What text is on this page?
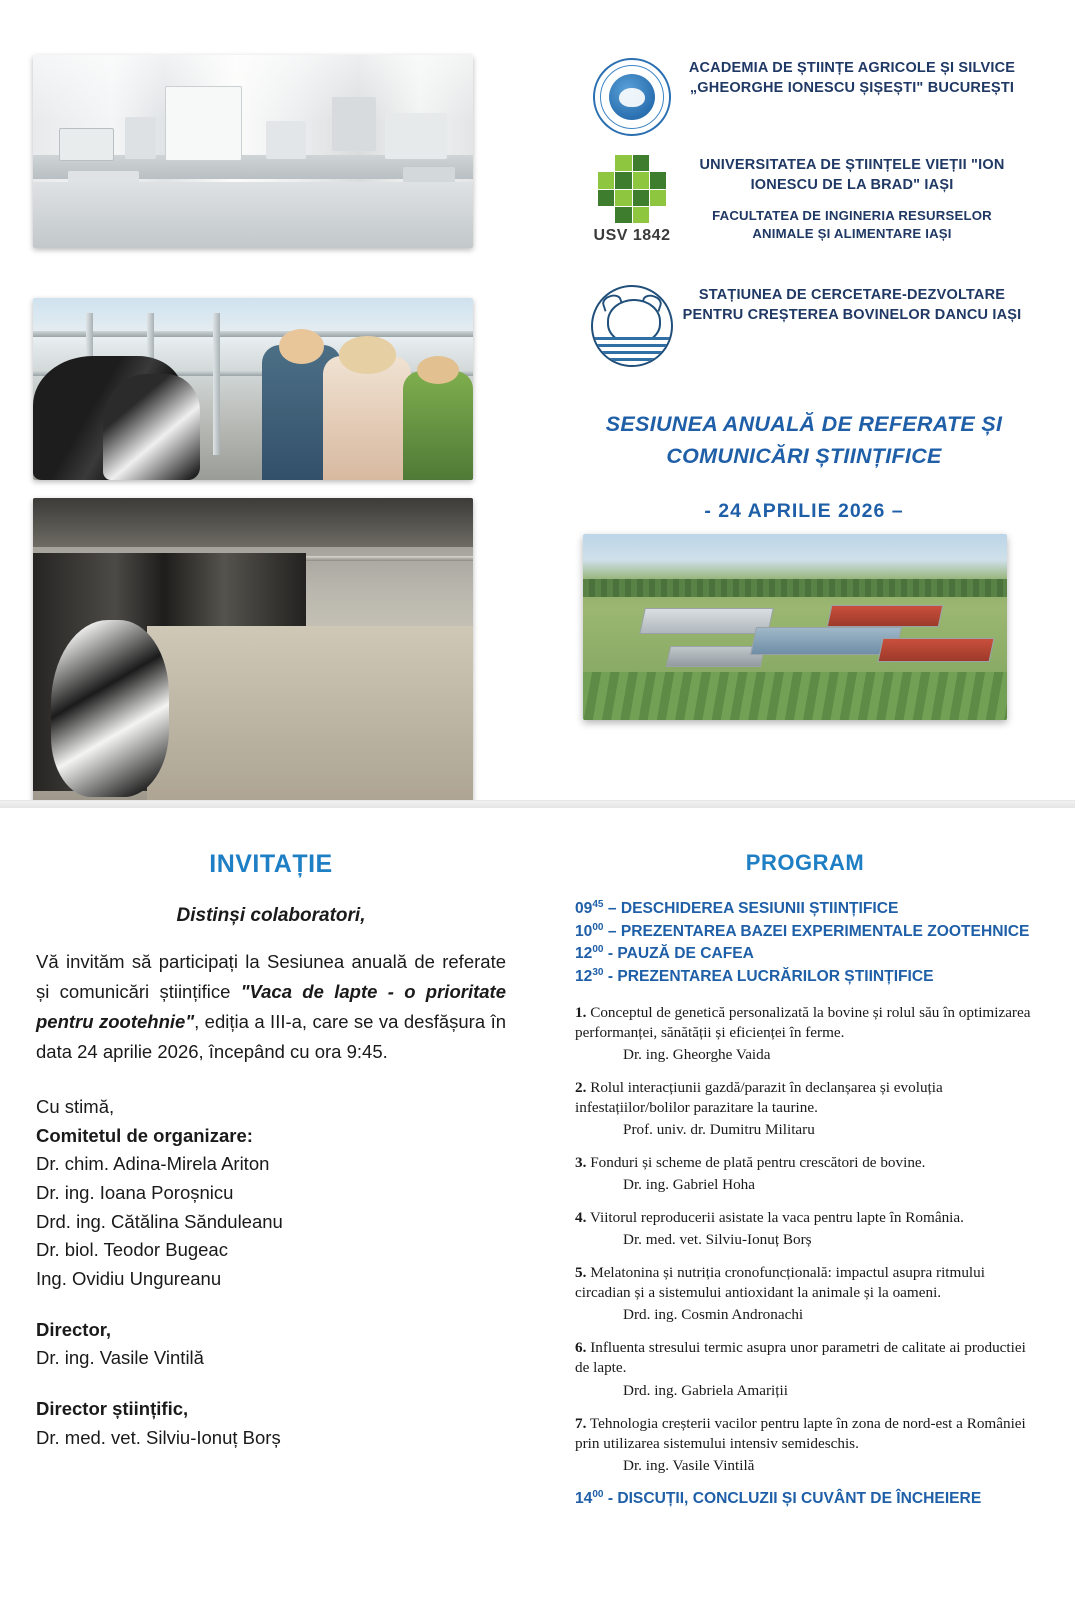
ACADEMIA DE ȘTIINȚE AGRICOLE ȘI SILVICE „GHEORGHE IONESCU ȘIȘEȘTI" BUCUREȘTI
USV 1842
UNIVERSITATEA DE ȘTIINȚELE VIEȚII "ION IONESCU DE LA BRAD" IAȘI
FACULTATEA DE INGINERIA RESURSELOR ANIMALE ȘI ALIMENTARE IAȘI
STAȚIUNEA DE CERCETARE-DEZVOLTARE PENTRU CREȘTEREA BOVINELOR DANCU IAȘI
SESIUNEA ANUALĂ DE REFERATE ȘI COMUNICĂRI ȘTIINȚIFICE
- 24 APRILIE 2026 –
INVITAȚIE
Distinși colaboratori,
Vă invităm să participați la Sesiunea anuală de referate și comunicări științifice "Vaca de lapte - o prioritate pentru zootehnie", ediția a III-a, care se va desfășura în data 24 aprilie 2026, începând cu ora 9:45.
Cu stimă,
Comitetul de organizare:
Dr. chim. Adina-Mirela Ariton
Dr. ing. Ioana Poroșnicu
Drd. ing. Cătălina Sănduleanu
Dr. biol. Teodor Bugeac
Ing. Ovidiu Ungureanu
Director,
Dr. ing. Vasile Vintilă
Director științific,
Dr. med. vet. Silviu-Ionuț Borș
PROGRAM
$09^{45}$ – DESCHIDEREA SESIUNII ȘTIINȚIFICE
$10^{00}$ – PREZENTAREA BAZEI EXPERIMENTALE ZOOTEHNICE
$12^{00}$ - PAUZĂ DE CAFEA
$12^{30}$ - PREZENTAREA LUCRĂRILOR ȘTIINȚIFICE
1. Conceptul de genetică personalizată la bovine și rolul său în optimizarea performanței, sănătății și eficienței în ferme.
Dr. ing. Gheorghe Vaida
2. Rolul interacțiunii gazdă/parazit în declanșarea și evoluția infestațiilor/bolilor parazitare la taurine.
Prof. univ. dr. Dumitru Militaru
3. Fonduri și scheme de plată pentru crescători de bovine.
Dr. ing. Gabriel Hoha
4. Viitorul reproducerii asistate la vaca pentru lapte în România.
Dr. med. vet. Silviu-Ionuț Borș
5. Melatonina și nutriția cronofuncțională: impactul asupra ritmului circadian și a sistemului antioxidant la animale și la oameni.
Drd. ing. Cosmin Andronachi
6. Influenta stresului termic asupra unor parametri de calitate ai productiei de lapte.
Drd. ing. Gabriela Amariții
7. Tehnologia creșterii vacilor pentru lapte în zona de nord-est a României prin utilizarea sistemului intensiv semideschis.
Dr. ing. Vasile Vintilă
$14^{00}$ - DISCUȚII, CONCLUZII ȘI CUVÂNT DE ÎNCHEIERE
